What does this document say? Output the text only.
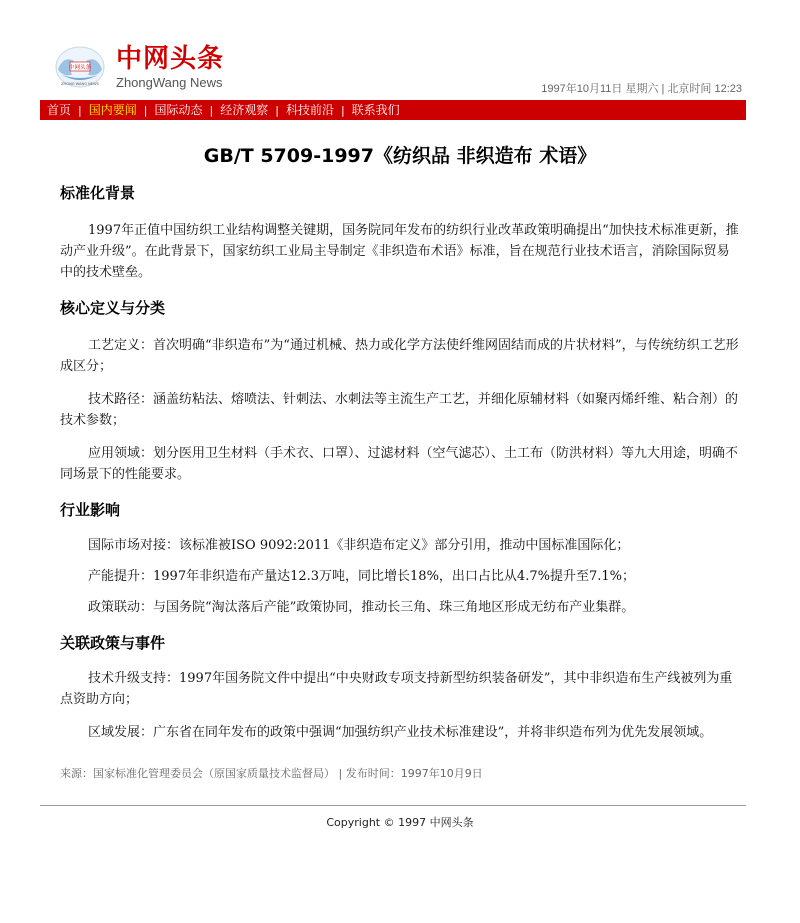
中网头条
ZHONG WANG NEWS
中网头条
ZhongWang News	1997年10月11日 星期六 | 北京时间 12:23
首页 | 国内要闻 | 国际动态 | 经济观察 | 科技前沿 | 联系我们
GB/T 5709-1997《纺织品 非织造布 术语》
标准化背景

1997年正值中国纺织工业结构调整关键期，国务院同年发布的纺织行业改革政策明确提出“加快技术标准更新，推动产业升级”。在此背景下，国家纺织工业局主导制定《非织造布术语》标准，旨在规范行业技术语言，消除国际贸易中的技术壁垒。

核心定义与分类

工艺定义：首次明确“非织造布”为“通过机械、热力或化学方法使纤维网固结而成的片状材料”，与传统纺织工艺形成区分；

技术路径：涵盖纺粘法、熔喷法、针刺法、水刺法等主流生产工艺，并细化原辅材料（如聚丙烯纤维、粘合剂）的技术参数；

应用领域：划分医用卫生材料（手术衣、口罩）、过滤材料（空气滤芯）、土工布（防洪材料）等九大用途，明确不同场景下的性能要求。

行业影响

国际市场对接：该标准被ISO 9092:2011《非织造布定义》部分引用，推动中国标准国际化；

产能提升：1997年非织造布产量达12.3万吨，同比增长18%，出口占比从4.7%提升至7.1%；

政策联动：与国务院“淘汰落后产能”政策协同，推动长三角、珠三角地区形成无纺布产业集群。

关联政策与事件

技术升级支持：1997年国务院文件中提出“中央财政专项支持新型纺织装备研发”，其中非织造布生产线被列为重点资助方向；

区域发展：广东省在同年发布的政策中强调“加强纺织产业技术标准建设”，并将非织造布列为优先发展领域。

来源：国家标准化管理委员会（原国家质量技术监督局） | 发布时间：1997年10月9日
Copyright © 1997 中网头条
